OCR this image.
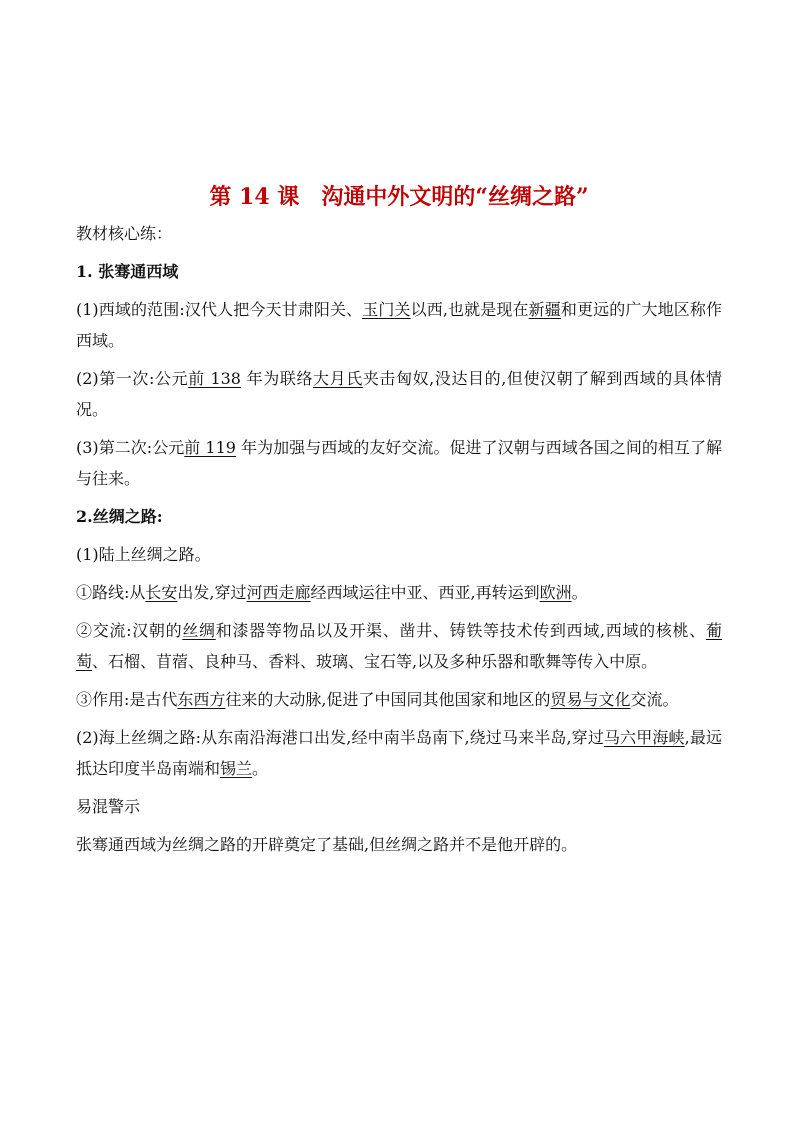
第 14 课 沟通中外文明的“丝绸之路”

教材核心练：

1. 张骞通西域

(1)西域的范围:汉代人把今天甘肃阳关、玉门关以西,也就是现在新疆和更远的广大地区称作西域。

(2)第一次:公元前 138 年为联络大月氏夹击匈奴,没达目的,但使汉朝了解到西域的具体情况。

(3)第二次:公元前 119 年为加强与西域的友好交流。促进了汉朝与西域各国之间的相互了解与往来。

2.丝绸之路:

(1)陆上丝绸之路。

①路线:从长安出发,穿过河西走廊经西域运往中亚、西亚,再转运到欧洲。

②交流:汉朝的丝绸和漆器等物品以及开渠、凿井、铸铁等技术传到西域,西域的核桃、葡萄、石榴、苜蓿、良种马、香料、玻璃、宝石等,以及多种乐器和歌舞等传入中原。

③作用:是古代东西方往来的大动脉,促进了中国同其他国家和地区的贸易与文化交流。

(2)海上丝绸之路:从东南沿海港口出发,经中南半岛南下,绕过马来半岛,穿过马六甲海峡,最远抵达印度半岛南端和锡兰。

易混警示

张骞通西域为丝绸之路的开辟奠定了基础,但丝绸之路并不是他开辟的。
